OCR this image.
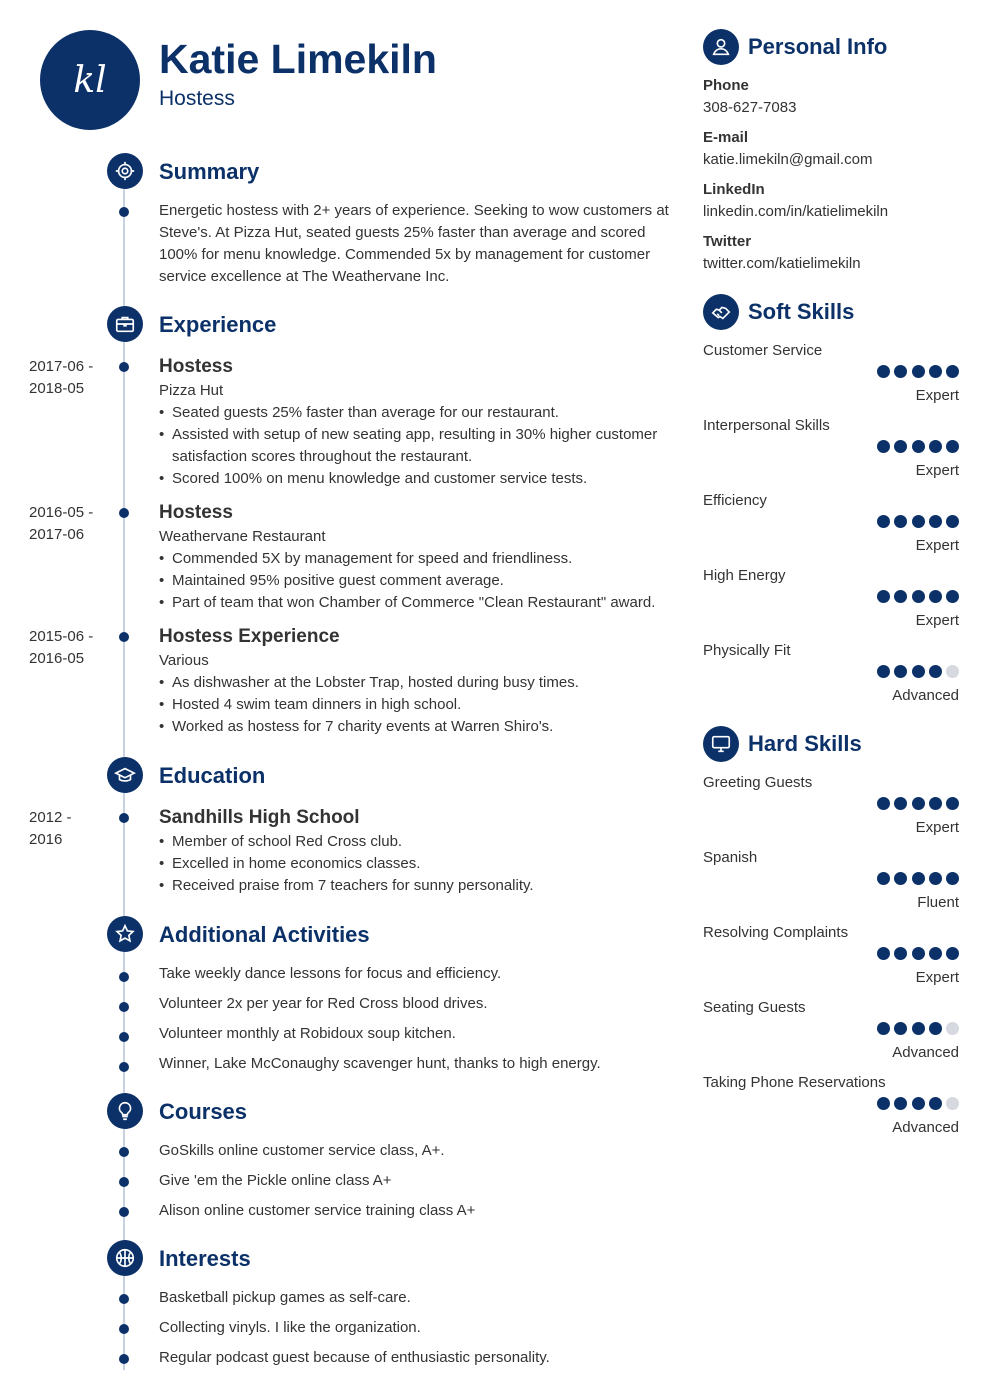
kl Katie Limekiln
Hostess
Summary
Energetic hostess with 2+ years of experience. Seeking to wow customers at Steve's. At Pizza Hut, seated guests 25% faster than average and scored 100% for menu knowledge. Commended 5x by management for customer service excellence at The Weathervane Inc.
Experience
2017-06 -
2018-05
Hostess
Pizza Hut
• Seated guests 25% faster than average for our restaurant.
• Assisted with setup of new seating app, resulting in 30% higher customer satisfaction scores throughout the restaurant.
• Scored 100% on menu knowledge and customer service tests.
2016-05 -
2017-06
Hostess
Weathervane Restaurant
• Commended 5X by management for speed and friendliness.
• Maintained 95% positive guest comment average.
• Part of team that won Chamber of Commerce "Clean Restaurant" award.
2015-06 -
2016-05
Hostess Experience
Various
• As dishwasher at the Lobster Trap, hosted during busy times.
• Hosted 4 swim team dinners in high school.
• Worked as hostess for 7 charity events at Warren Shiro's.
Education
2012 -
2016
Sandhills High School
• Member of school Red Cross club.
• Excelled in home economics classes.
• Received praise from 7 teachers for sunny personality.
Additional Activities
Take weekly dance lessons for focus and efficiency.
Volunteer 2x per year for Red Cross blood drives.
Volunteer monthly at Robidoux soup kitchen.
Winner, Lake McConaughy scavenger hunt, thanks to high energy.
Courses
GoSkills online customer service class, A+.
Give 'em the Pickle online class A+
Alison online customer service training class A+
Interests
Basketball pickup games as self-care.
Collecting vinyls. I like the organization.
Regular podcast guest because of enthusiastic personality.
Personal Info
Phone
308-627-7083
E-mail
katie.limekiln@gmail.com
LinkedIn
linkedin.com/in/katielimekiln
Twitter
twitter.com/katielimekiln
Soft Skills
Customer Service
Expert
Interpersonal Skills
Expert
Efficiency
Expert
High Energy
Expert
Physically Fit
Advanced
Hard Skills
Greeting Guests
Expert
Spanish
Fluent
Resolving Complaints
Expert
Seating Guests
Advanced
Taking Phone Reservations
Advanced
